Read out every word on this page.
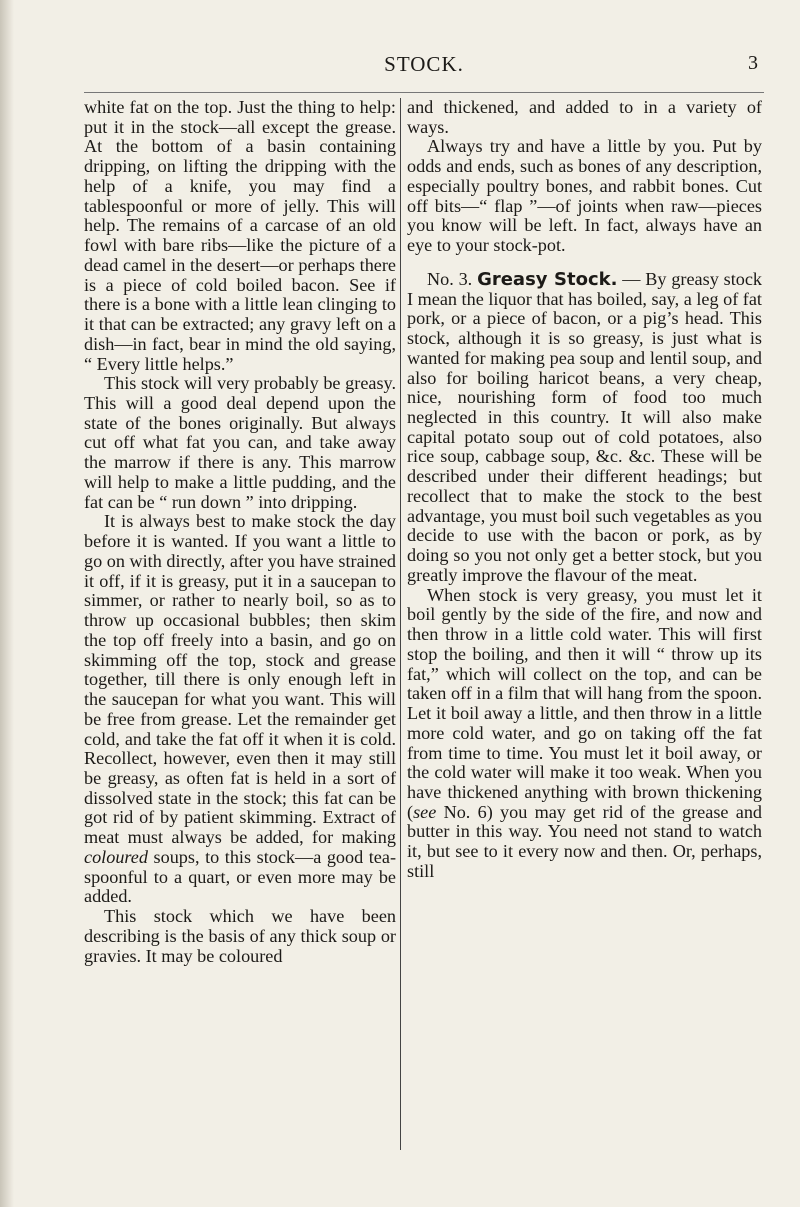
STOCK.	3

white fat on the top. Just the thing to help: put it in the stock—all except the grease. At the bottom of a basin containing dripping, on lifting the dripping with the help of a knife, you may find a tablespoonful or more of jelly. This will help. The remains of a carcase of an old fowl with bare ribs—like the picture of a dead camel in the desert—or perhaps there is a piece of cold boiled bacon. See if there is a bone with a little lean clinging to it that can be extracted; any gravy left on a dish—in fact, bear in mind the old saying, “ Every little helps.”

This stock will very probably be greasy. This will a good deal depend upon the state of the bones originally. But always cut off what fat you can, and take away the marrow if there is any. This marrow will help to make a little pudding, and the fat can be “ run down ” into dripping.

It is always best to make stock the day before it is wanted. If you want a little to go on with directly, after you have strained it off, if it is greasy, put it in a saucepan to simmer, or rather to nearly boil, so as to throw up occasional bubbles; then skim the top off freely into a basin, and go on skimming off the top, stock and grease together, till there is only enough left in the saucepan for what you want. This will be free from grease. Let the remainder get cold, and take the fat off it when it is cold. Recollect, however, even then it may still be greasy, as often fat is held in a sort of dissolved state in the stock; this fat can be got rid of by patient skimming. Extract of meat must always be added, for making coloured soups, to this stock—a good tea-spoonful to a quart, or even more may be added.

This stock which we have been describing is the basis of any thick soup or gravies. It may be coloured

and thickened, and added to in a variety of ways.

Always try and have a little by you. Put by odds and ends, such as bones of any description, especially poultry bones, and rabbit bones. Cut off bits—“ flap ”—of joints when raw—pieces you know will be left. In fact, always have an eye to your stock-pot.

No. 3. Greasy Stock. — By greasy stock I mean the liquor that has boiled, say, a leg of fat pork, or a piece of bacon, or a pig’s head. This stock, although it is so greasy, is just what is wanted for making pea soup and lentil soup, and also for boiling haricot beans, a very cheap, nice, nourishing form of food too much neglected in this country. It will also make capital potato soup out of cold potatoes, also rice soup, cabbage soup, &c. &c. These will be described under their different headings; but recollect that to make the stock to the best advantage, you must boil such vegetables as you decide to use with the bacon or pork, as by doing so you not only get a better stock, but you greatly improve the flavour of the meat.

When stock is very greasy, you must let it boil gently by the side of the fire, and now and then throw in a little cold water. This will first stop the boiling, and then it will “ throw up its fat,” which will collect on the top, and can be taken off in a film that will hang from the spoon. Let it boil away a little, and then throw in a little more cold water, and go on taking off the fat from time to time. You must let it boil away, or the cold water will make it too weak. When you have thickened anything with brown thickening (see No. 6) you may get rid of the grease and butter in this way. You need not stand to watch it, but see to it every now and then. Or, perhaps, still
